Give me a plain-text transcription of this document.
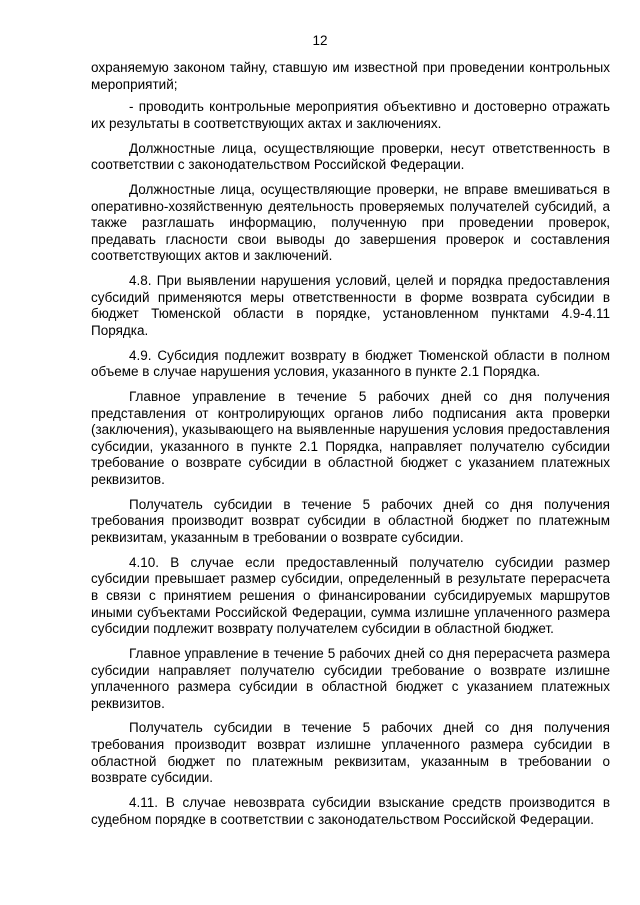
12

охраняемую законом тайну, ставшую им известной при проведении контрольных мероприятий;

- проводить контрольные мероприятия объективно и достоверно отражать их результаты в соответствующих актах и заключениях.

Должностные лица, осуществляющие проверки, несут ответственность в соответствии с законодательством Российской Федерации.

Должностные лица, осуществляющие проверки, не вправе вмешиваться в оперативно-хозяйственную деятельность проверяемых получателей субсидий, а также разглашать информацию, полученную при проведении проверок, предавать гласности свои выводы до завершения проверок и составления соответствующих актов и заключений.

4.8. При выявлении нарушения условий, целей и порядка предоставления субсидий применяются меры ответственности в форме возврата субсидии в бюджет Тюменской области в порядке, установленном пунктами 4.9-4.11 Порядка.

4.9. Субсидия подлежит возврату в бюджет Тюменской области в полном объеме в случае нарушения условия, указанного в пункте 2.1 Порядка.

Главное управление в течение 5 рабочих дней со дня получения представления от контролирующих органов либо подписания акта проверки (заключения), указывающего на выявленные нарушения условия предоставления субсидии, указанного в пункте 2.1 Порядка, направляет получателю субсидии требование о возврате субсидии в областной бюджет с указанием платежных реквизитов.

Получатель субсидии в течение 5 рабочих дней со дня получения требования производит возврат субсидии в областной бюджет по платежным реквизитам, указанным в требовании о возврате субсидии.

4.10. В случае если предоставленный получателю субсидии размер субсидии превышает размер субсидии, определенный в результате перерасчета в связи с принятием решения о финансировании субсидируемых маршрутов иными субъектами Российской Федерации, сумма излишне уплаченного размера субсидии подлежит возврату получателем субсидии в областной бюджет.

Главное управление в течение 5 рабочих дней со дня перерасчета размера субсидии направляет получателю субсидии требование о возврате излишне уплаченного размера субсидии в областной бюджет с указанием платежных реквизитов.

Получатель субсидии в течение 5 рабочих дней со дня получения требования производит возврат излишне уплаченного размера субсидии в областной бюджет по платежным реквизитам, указанным в требовании о возврате субсидии.

4.11. В случае невозврата субсидии взыскание средств производится в судебном порядке в соответствии с законодательством Российской Федерации.
